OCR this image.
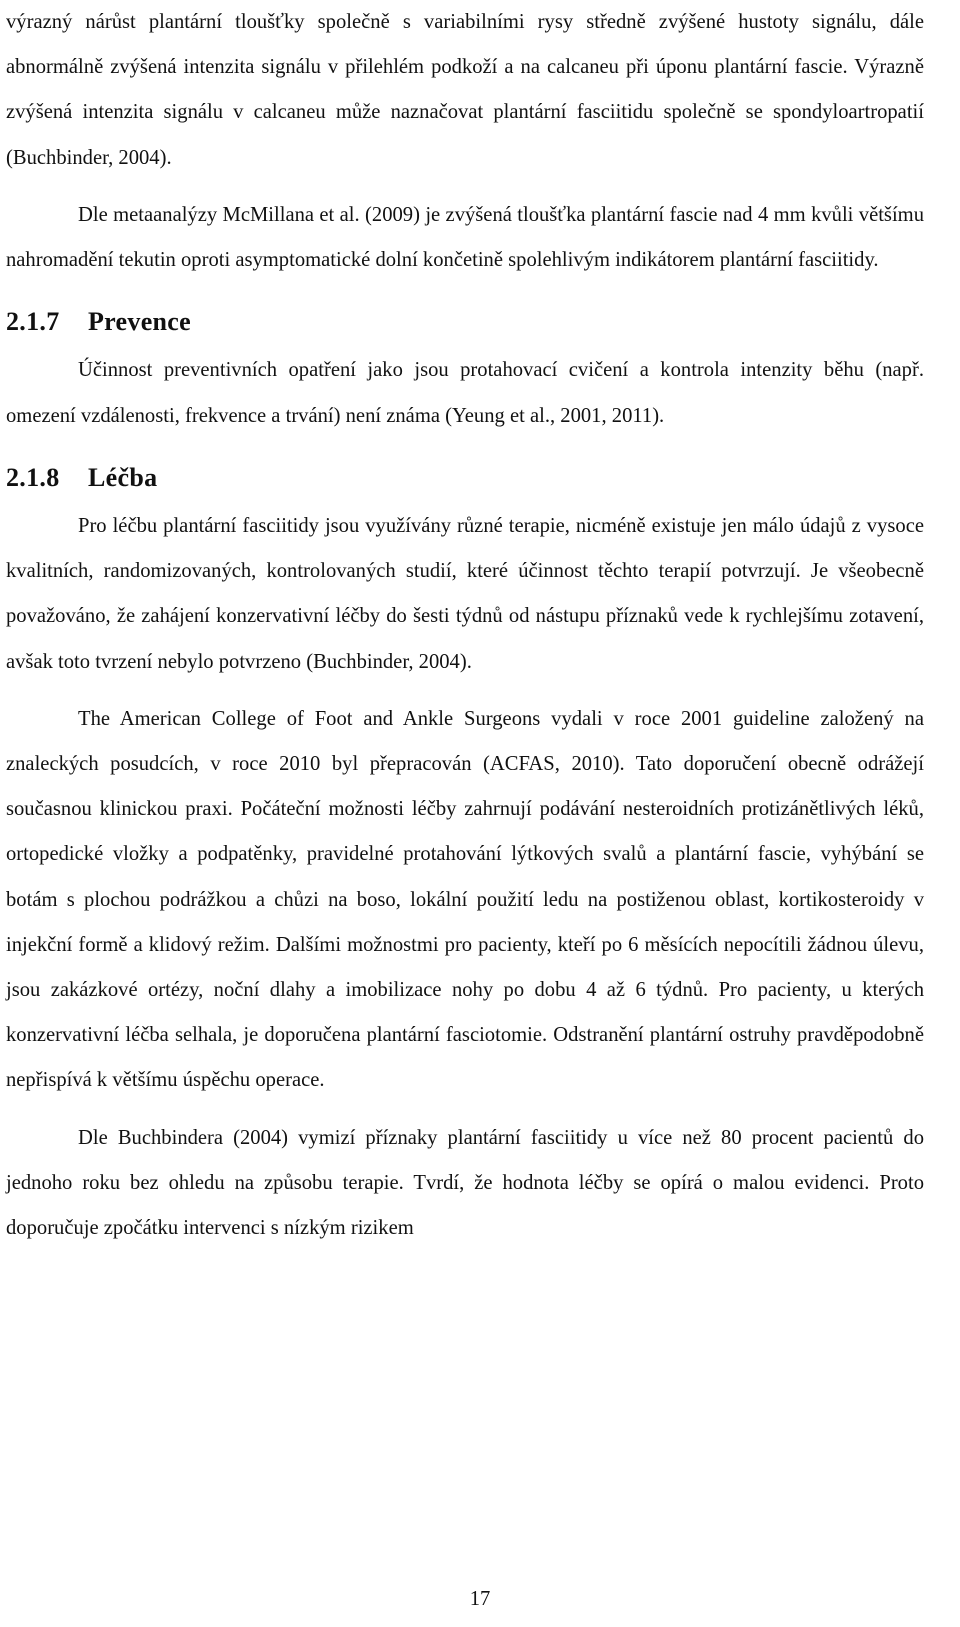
výrazný nárůst plantární tloušťky společně s variabilními rysy středně zvýšené hustoty signálu, dále abnormálně zvýšená intenzita signálu v přilehlém podkoží a na calcaneu při úponu plantární fascie. Výrazně zvýšená intenzita signálu v calcaneu může naznačovat plantární fasciitidu společně se spondyloartropatií (Buchbinder, 2004).

Dle metaanalýzy McMillana et al. (2009) je zvýšená tloušťka plantární fascie nad 4 mm kvůli většímu nahromadění tekutin oproti asymptomatické dolní končetině spolehlivým indikátorem plantární fasciitidy.

2.1.7 Prevence

Účinnost preventivních opatření jako jsou protahovací cvičení a kontrola intenzity běhu (např. omezení vzdálenosti, frekvence a trvání) není známa (Yeung et al., 2001, 2011).

2.1.8 Léčba

Pro léčbu plantární fasciitidy jsou využívány různé terapie, nicméně existuje jen málo údajů z vysoce kvalitních, randomizovaných, kontrolovaných studií, které účinnost těchto terapií potvrzují. Je všeobecně považováno, že zahájení konzervativní léčby do šesti týdnů od nástupu příznaků vede k rychlejšímu zotavení, avšak toto tvrzení nebylo potvrzeno (Buchbinder, 2004).

The American College of Foot and Ankle Surgeons vydali v roce 2001 guideline založený na znaleckých posudcích, v roce 2010 byl přepracován (ACFAS, 2010). Tato doporučení obecně odrážejí současnou klinickou praxi. Počáteční možnosti léčby zahrnují podávání nesteroidních protizánětlivých léků, ortopedické vložky a podpatěnky, pravidelné protahování lýtkových svalů a plantární fascie, vyhýbání se botám s plochou podrážkou a chůzi na boso, lokální použití ledu na postiženou oblast, kortikosteroidy v injekční formě a klidový režim. Dalšími možnostmi pro pacienty, kteří po 6 měsících nepocítili žádnou úlevu, jsou zakázkové ortézy, noční dlahy a imobilizace nohy po dobu 4 až 6 týdnů. Pro pacienty, u kterých konzervativní léčba selhala, je doporučena plantární fasciotomie. Odstranění plantární ostruhy pravděpodobně nepřispívá k většímu úspěchu operace.

Dle Buchbindera (2004) vymizí příznaky plantární fasciitidy u více než 80 procent pacientů do jednoho roku bez ohledu na způsobu terapie. Tvrdí, že hodnota léčby se opírá o malou evidenci. Proto doporučuje zpočátku intervenci s nízkým rizikem

17
